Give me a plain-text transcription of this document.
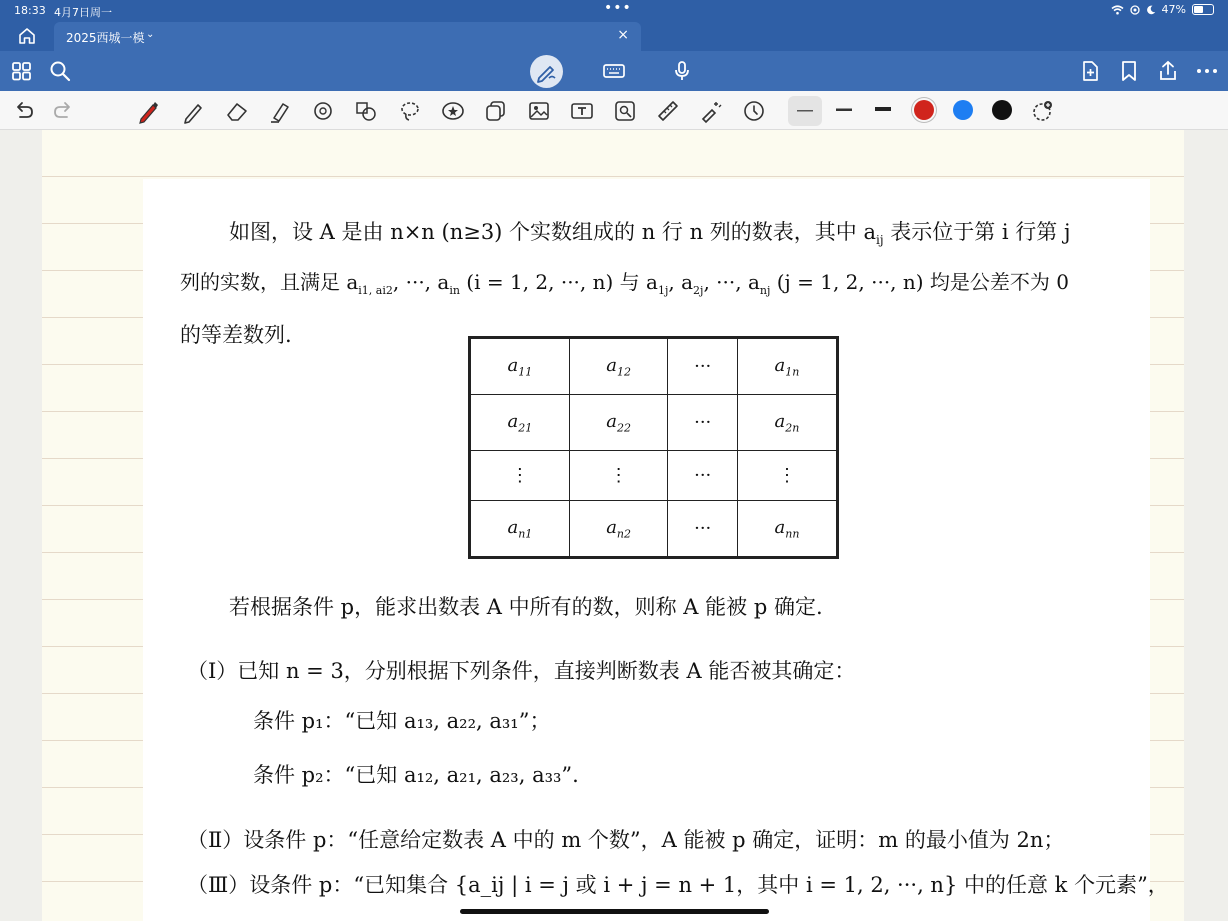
18:33 4月7日周一	•••	47%
2025西城一模 ⌄	×
如图，设 A 是由 n×n (n≥3) 个实数组成的 n 行 n 列的数表，其中 $a_{ij}$ 表示位于第 i 行第 j
列的实数，且满足 $a_{i1, ai2}$, ···, $a_{in}$ (i = 1, 2, ···, n) 与 $a_{1j}$, $a_{2j}$, ···, $a_{nj}$ (j = 1, 2, ···, n) 均是公差不为 0
的等差数列.
$a_{11}$	$a_{12}$	···	$a_{1n}$
$a_{21}$	$a_{22}$	···	$a_{2n}$
⋮	⋮	···	⋮
$a_{n1}$	$a_{n2}$	···	$a_{nn}$
若根据条件 p，能求出数表 A 中所有的数，则称 A 能被 p 确定.
（Ⅰ）已知 n = 3，分别根据下列条件，直接判断数表 A 能否被其确定：
条件 p₁：“已知 a₁₃, a₂₂, a₃₁”；
条件 p₂：“已知 a₁₂, a₂₁, a₂₃, a₃₃”.
（Ⅱ）设条件 p：“任意给定数表 A 中的 m 个数”，A 能被 p 确定，证明：m 的最小值为 2n；
（Ⅲ）设条件 p：“已知集合 {a_ij | i = j 或 i + j = n + 1，其中 i = 1, 2, ···, n} 中的任意 k 个元素”，
